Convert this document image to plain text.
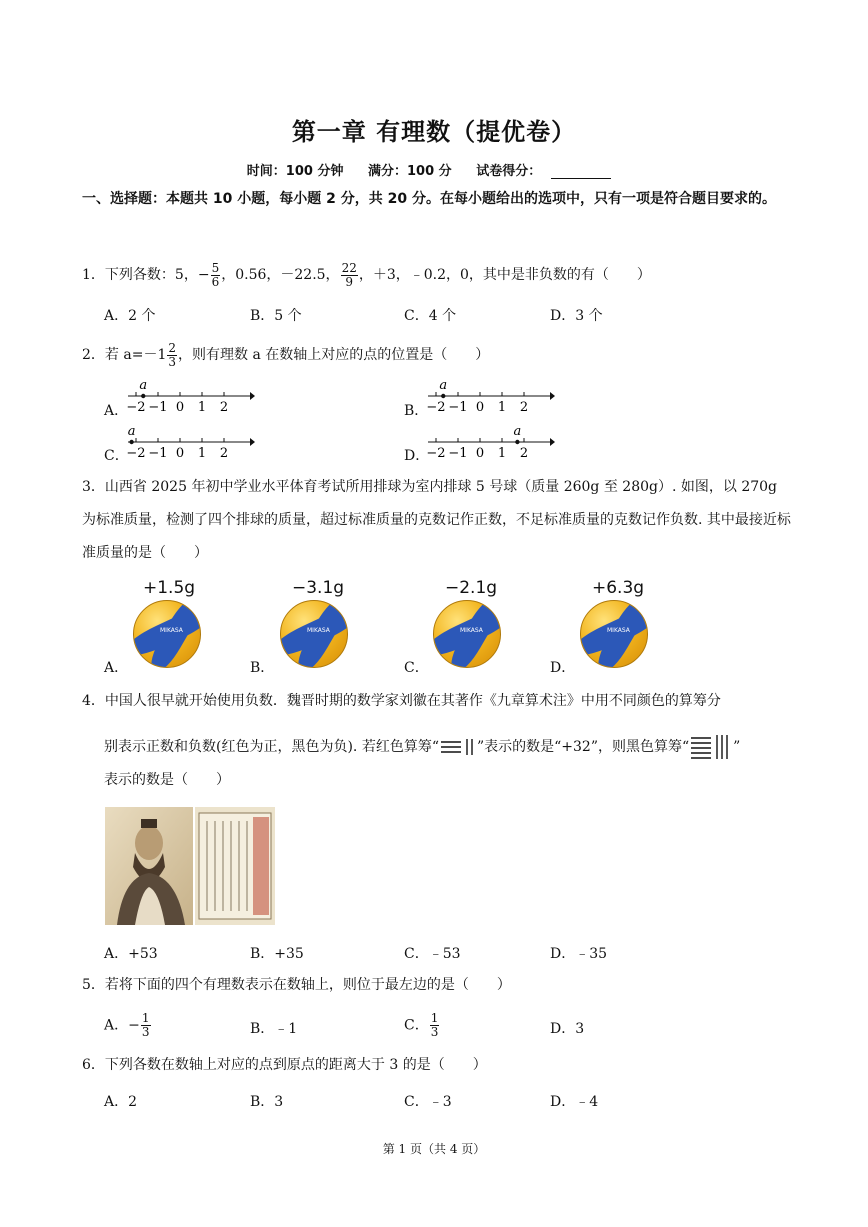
第一章 有理数（提优卷）
时间：100 分钟 满分：100 分 试卷得分：
一、选择题：本题共 10 小题，每小题 2 分，共 20 分。在每小题给出的选项中，只有一项是符合题目要求的。
1．下列各数：5，− $\frac{5}{6}$ ，0.56，－22.5， $\frac{22}{9}$ ，＋3，﹣0.2，0，其中是非负数的有（　　）
A．2 个	B．5 个	C．4 个	D．3 个
2．若 $a=-1 \frac{2}{3}$ ，则有理数 a 在数轴上对应的点的位置是（　　）
A．
−2 −1 0 1 2
a
B．
−2 −1 0 1 2
a
C．
−2 −1 0 1 2
a
D．
−2 −1 0 1 2
a
3．山西省 2025 年初中学业水平体育考试所用排球为室内排球 5 号球（质量 260g 至 280g）. 如图，以 270g 为标准质量，检测了四个排球的质量，超过标准质量的克数记作正数，不足标准质量的克数记作负数. 其中最接近标准质量的是（　　）
+1.5g
MIKASA
A．
−3.1g
MIKASA
B．
−2.1g
MIKASA
C．
+6.3g
MIKASA
D．
4．中国人很早就开始使用负数．魏晋时期的数学家刘徽在其著作《九章算术注》中用不同颜色的算筹分
别表示正数和负数(红色为正，黑色为负). 若红色算筹“	”表示的数是“+32”，则黑色算筹“	”
表示的数是（　　）
A．+53	B．+35	C．﹣53	D．﹣35
5．若将下面的四个有理数表示在数轴上，则位于最左边的是（　　）
A．− $\frac{1}{3}$	B．﹣1	C． $\frac{1}{3}$	D．3
6．下列各数在数轴上对应的点到原点的距离大于 3 的是（　　）
A．2	B．3	C．﹣3	D．﹣4
第 1 页（共 4 页）
